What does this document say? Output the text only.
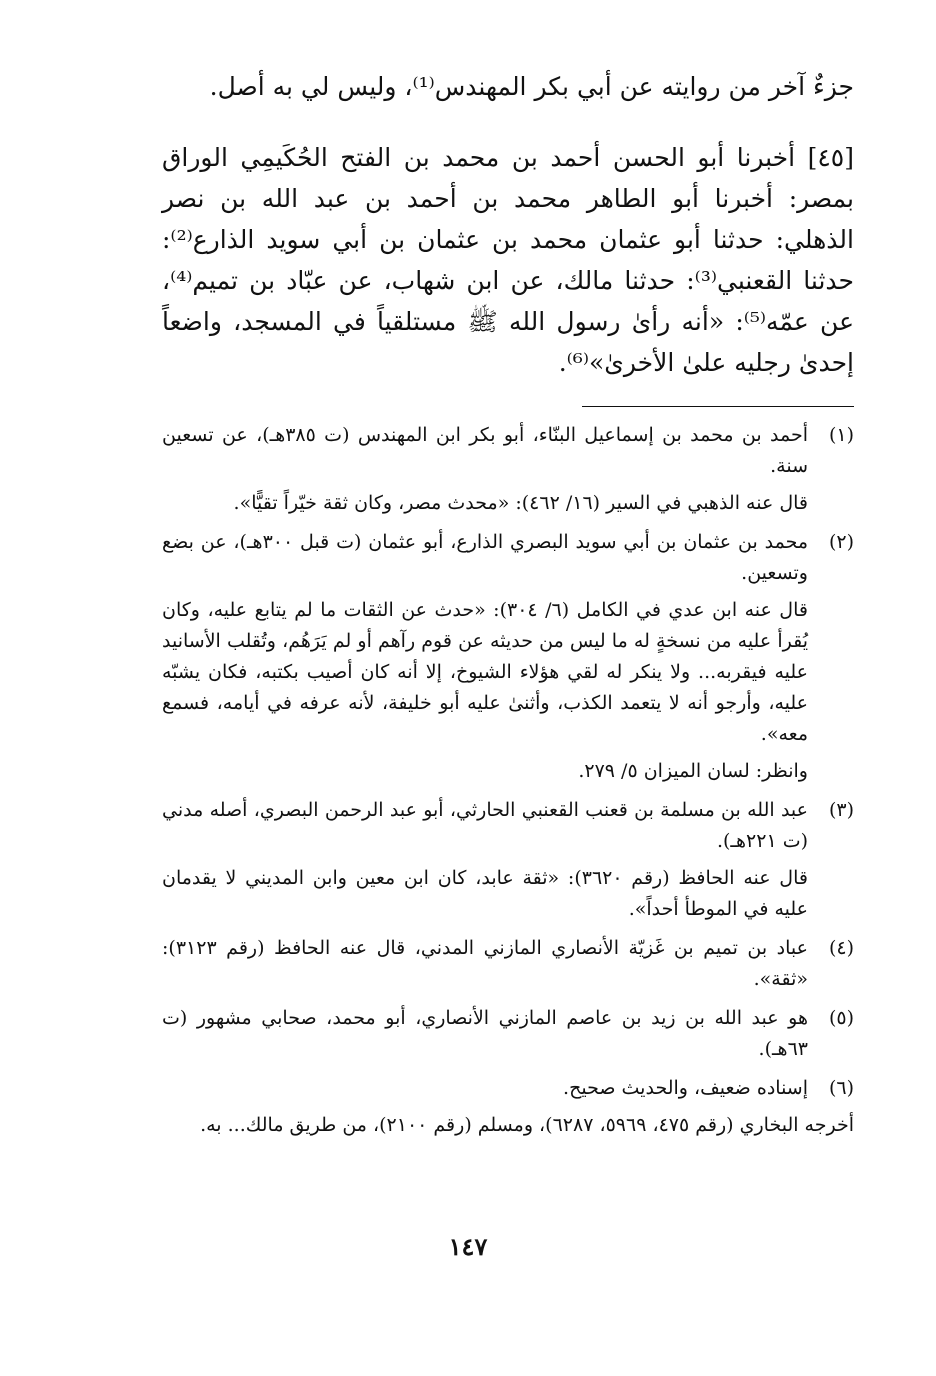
جزءٌ آخر من روايته عن أبي بكر المهندس⁽¹⁾، وليس لي به أصل.

[٤٥] أخبرنا أبو الحسن أحمد بن محمد بن الفتح الحُكَيمِي الوراق بمصر: أخبرنا أبو الطاهر محمد بن أحمد بن عبد الله بن نصر الذهلي: حدثنا أبو عثمان محمد بن عثمان بن أبي سويد الذارع⁽²⁾: حدثنا القعنبي⁽³⁾: حدثنا مالك، عن ابن شهاب، عن عبّاد بن تميم⁽⁴⁾، عن عمّه⁽⁵⁾: «أنه رأىٰ رسول الله ﷺ مستلقياً في المسجد، واضعاً إحدىٰ رجليه علىٰ الأخرىٰ»⁽⁶⁾.

(١)

أحمد بن محمد بن إسماعيل البنّاء، أبو بكر ابن المهندس (ت ٣٨٥هـ)، عن تسعين سنة.

قال عنه الذهبي في السير (١٦/ ٤٦٢): «محدث مصر، وكان ثقة خيّراً تقيًّا».

(٢)

محمد بن عثمان بن أبي سويد البصري الذارع، أبو عثمان (ت قبل ٣٠٠هـ)، عن بضع وتسعين.

قال عنه ابن عدي في الكامل (٦/ ٣٠٤): «حدث عن الثقات ما لم يتابع عليه، وكان يُقرأ عليه من نسخةٍ له ما ليس من حديثه عن قوم رآهم أو لم يَرَهُم، وتُقلب الأسانيد عليه فيقربه... ولا ينكر له لقي هؤلاء الشيوخ، إلا أنه كان أصيب بكتبه، فكان يشبّه عليه، وأرجو أنه لا يتعمد الكذب، وأثنىٰ عليه أبو خليفة، لأنه عرفه في أيامه، فسمع معه».

وانظر: لسان الميزان ٥/ ٢٧٩.

(٣)

عبد الله بن مسلمة بن قعنب القعنبي الحارثي، أبو عبد الرحمن البصري، أصله مدني (ت ٢٢١هـ).

قال عنه الحافظ (رقم ٣٦٢٠): «ثقة عابد، كان ابن معين وابن المديني لا يقدمان عليه في الموطأ أحداً».

(٤)

عباد بن تميم بن غَزيّة الأنصاري المازني المدني، قال عنه الحافظ (رقم ٣١٢٣): «ثقة».

(٥)

هو عبد الله بن زيد بن عاصم المازني الأنصاري، أبو محمد، صحابي مشهور (ت ٦٣هـ).

(٦)

إسناده ضعيف، والحديث صحيح.

أخرجه البخاري (رقم ٤٧٥، ٥٩٦٩، ٦٢٨٧)، ومسلم (رقم ٢١٠٠)، من طريق مالك... به.

١٤٧
